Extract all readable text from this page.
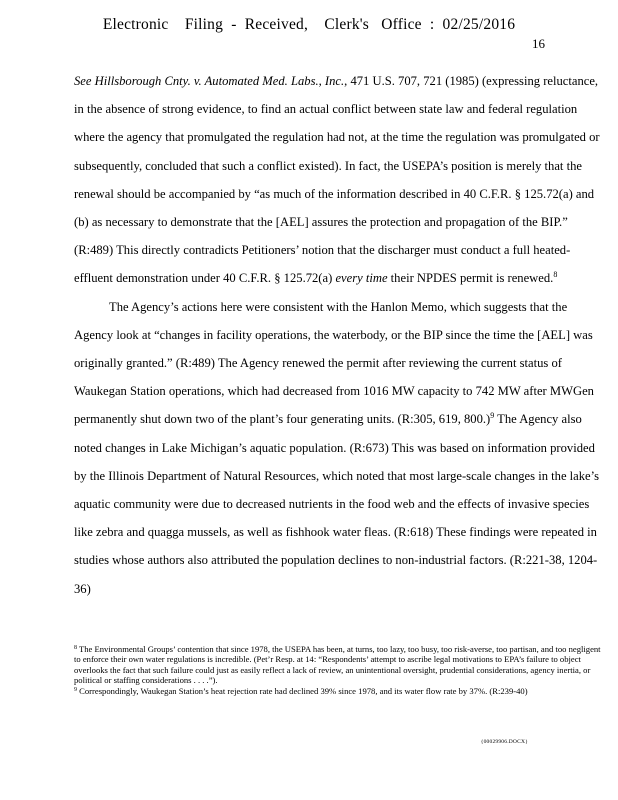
Electronic    Filing  -  Received,    Clerk's   Office  :  02/25/2016
16

See Hillsborough Cnty. v. Automated Med. Labs., Inc., 471 U.S. 707, 721 (1985) (expressing reluctance, in the absence of strong evidence, to find an actual conflict between state law and federal regulation where the agency that promulgated the regulation had not, at the time the regulation was promulgated or subsequently, concluded that such a conflict existed). In fact, the USEPA’s position is merely that the renewal should be accompanied by “as much of the information described in 40 C.F.R. § 125.72(a) and (b) as necessary to demonstrate that the [AEL] assures the protection and propagation of the BIP.” (R:489) This directly contradicts Petitioners’ notion that the discharger must conduct a full heated-effluent demonstration under 40 C.F.R. § 125.72(a) every time their NPDES permit is renewed.$^8$

The Agency’s actions here were consistent with the Hanlon Memo, which suggests that the Agency look at “changes in facility operations, the waterbody, or the BIP since the time the [AEL] was originally granted.” (R:489) The Agency renewed the permit after reviewing the current status of Waukegan Station operations, which had decreased from 1016 MW capacity to 742 MW after MWGen permanently shut down two of the plant’s four generating units. (R:305, 619, 800.)$^9$ The Agency also noted changes in Lake Michigan’s aquatic population. (R:673) This was based on information provided by the Illinois Department of Natural Resources, which noted that most large-scale changes in the lake’s aquatic community were due to decreased nutrients in the food web and the effects of invasive species like zebra and quagga mussels, as well as fishhook water fleas. (R:618) These findings were repeated in studies whose authors also attributed the population declines to non-industrial factors. (R:221-38, 1204-36)

$^8$ The Environmental Groups’ contention that since 1978, the USEPA has been, at turns, too lazy, too busy, too risk-averse, too partisan, and too negligent to enforce their own water regulations is incredible. (Pet’r Resp. at 14: “Respondents’ attempt to ascribe legal motivations to EPA’s failure to object overlooks the fact that such failure could just as easily reflect a lack of review, an unintentional oversight, prudential considerations, agency inertia, or political or staffing considerations . . . .”).

$^9$ Correspondingly, Waukegan Station’s heat rejection rate had declined 39% since 1978, and its water flow rate by 37%. (R:239-40)

{00029906.DOCX}
